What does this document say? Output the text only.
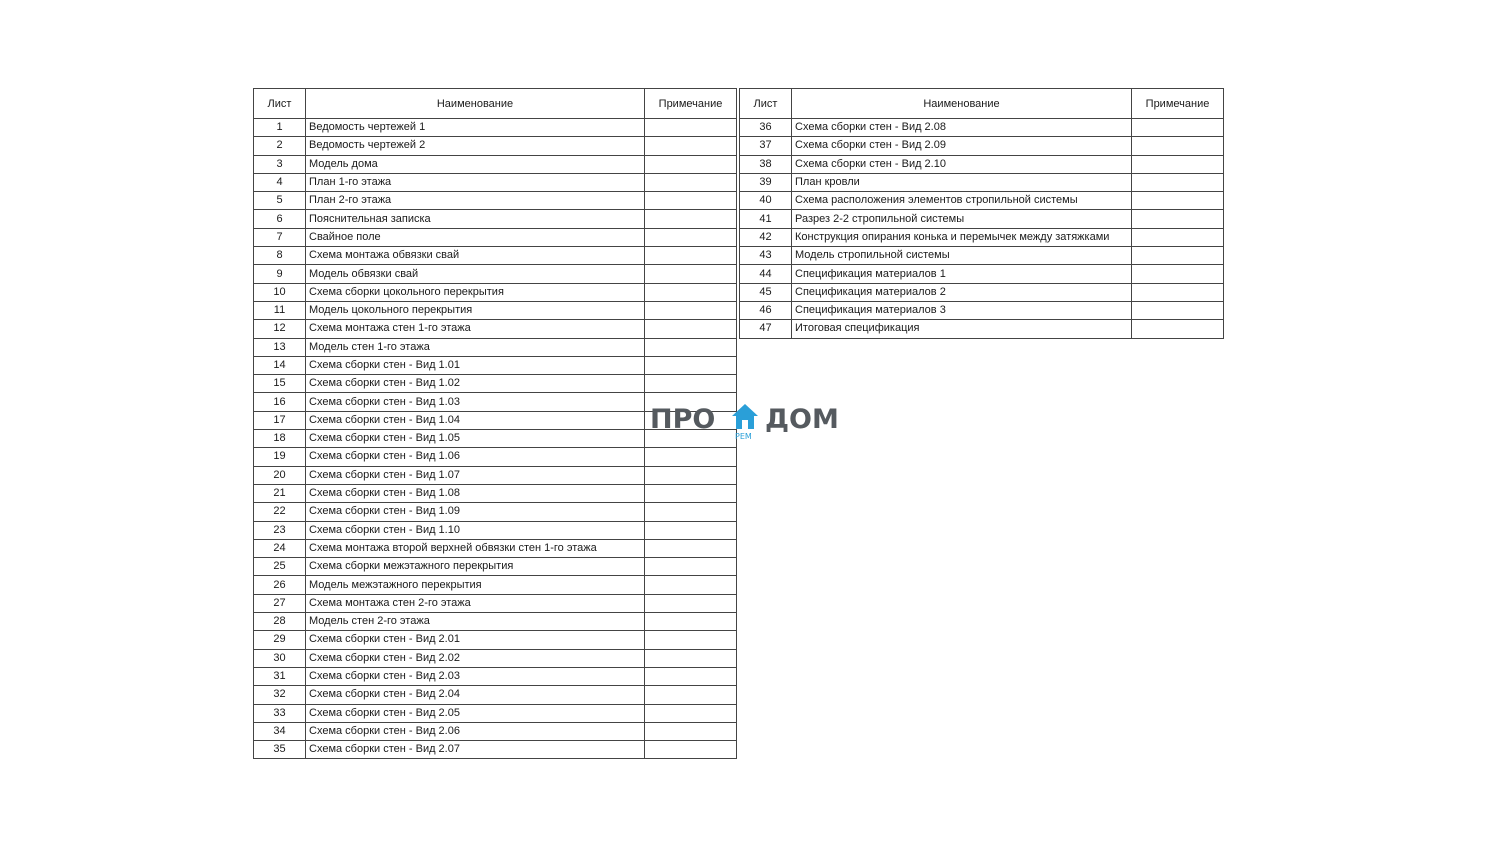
Лист	Наименование	Примечание
1	Ведомость чертежей 1	
2	Ведомость чертежей 2	
3	Модель дома	
4	План 1-го этажа	
5	План 2-го этажа	
6	Пояснительная записка	
7	Свайное поле	
8	Схема монтажа обвязки свай	
9	Модель обвязки свай	
10	Схема сборки цокольного перекрытия	
11	Модель цокольного перекрытия	
12	Схема монтажа стен 1-го этажа	
13	Модель стен 1-го этажа	
14	Схема сборки стен - Вид 1.01	
15	Схема сборки стен - Вид 1.02	
16	Схема сборки стен - Вид 1.03	
17	Схема сборки стен - Вид 1.04	
18	Схема сборки стен - Вид 1.05	
19	Схема сборки стен - Вид 1.06	
20	Схема сборки стен - Вид 1.07	
21	Схема сборки стен - Вид 1.08	
22	Схема сборки стен - Вид 1.09	
23	Схема сборки стен - Вид 1.10	
24	Схема монтажа второй верхней обвязки стен 1-го этажа	
25	Схема сборки межэтажного перекрытия	
26	Модель межэтажного перекрытия	
27	Схема монтажа стен 2-го этажа	
28	Модель стен 2-го этажа	
29	Схема сборки стен - Вид 2.01	
30	Схема сборки стен - Вид 2.02	
31	Схема сборки стен - Вид 2.03	
32	Схема сборки стен - Вид 2.04	
33	Схема сборки стен - Вид 2.05	
34	Схема сборки стен - Вид 2.06	
35	Схема сборки стен - Вид 2.07	
Лист	Наименование	Примечание
36	Схема сборки стен - Вид 2.08	
37	Схема сборки стен - Вид 2.09	
38	Схема сборки стен - Вид 2.10	
39	План кровли	
40	Схема расположения элементов стропильной системы	
41	Разрез 2-2 стропильной системы	
42	Конструкция опирания конька и перемычек между затяжками	
43	Модель стропильной системы	
44	Спецификация материалов 1	
45	Спецификация материалов 2	
46	Спецификация материалов 3	
47	Итоговая спецификация	
ПРО
РЕМ
ДОМ
